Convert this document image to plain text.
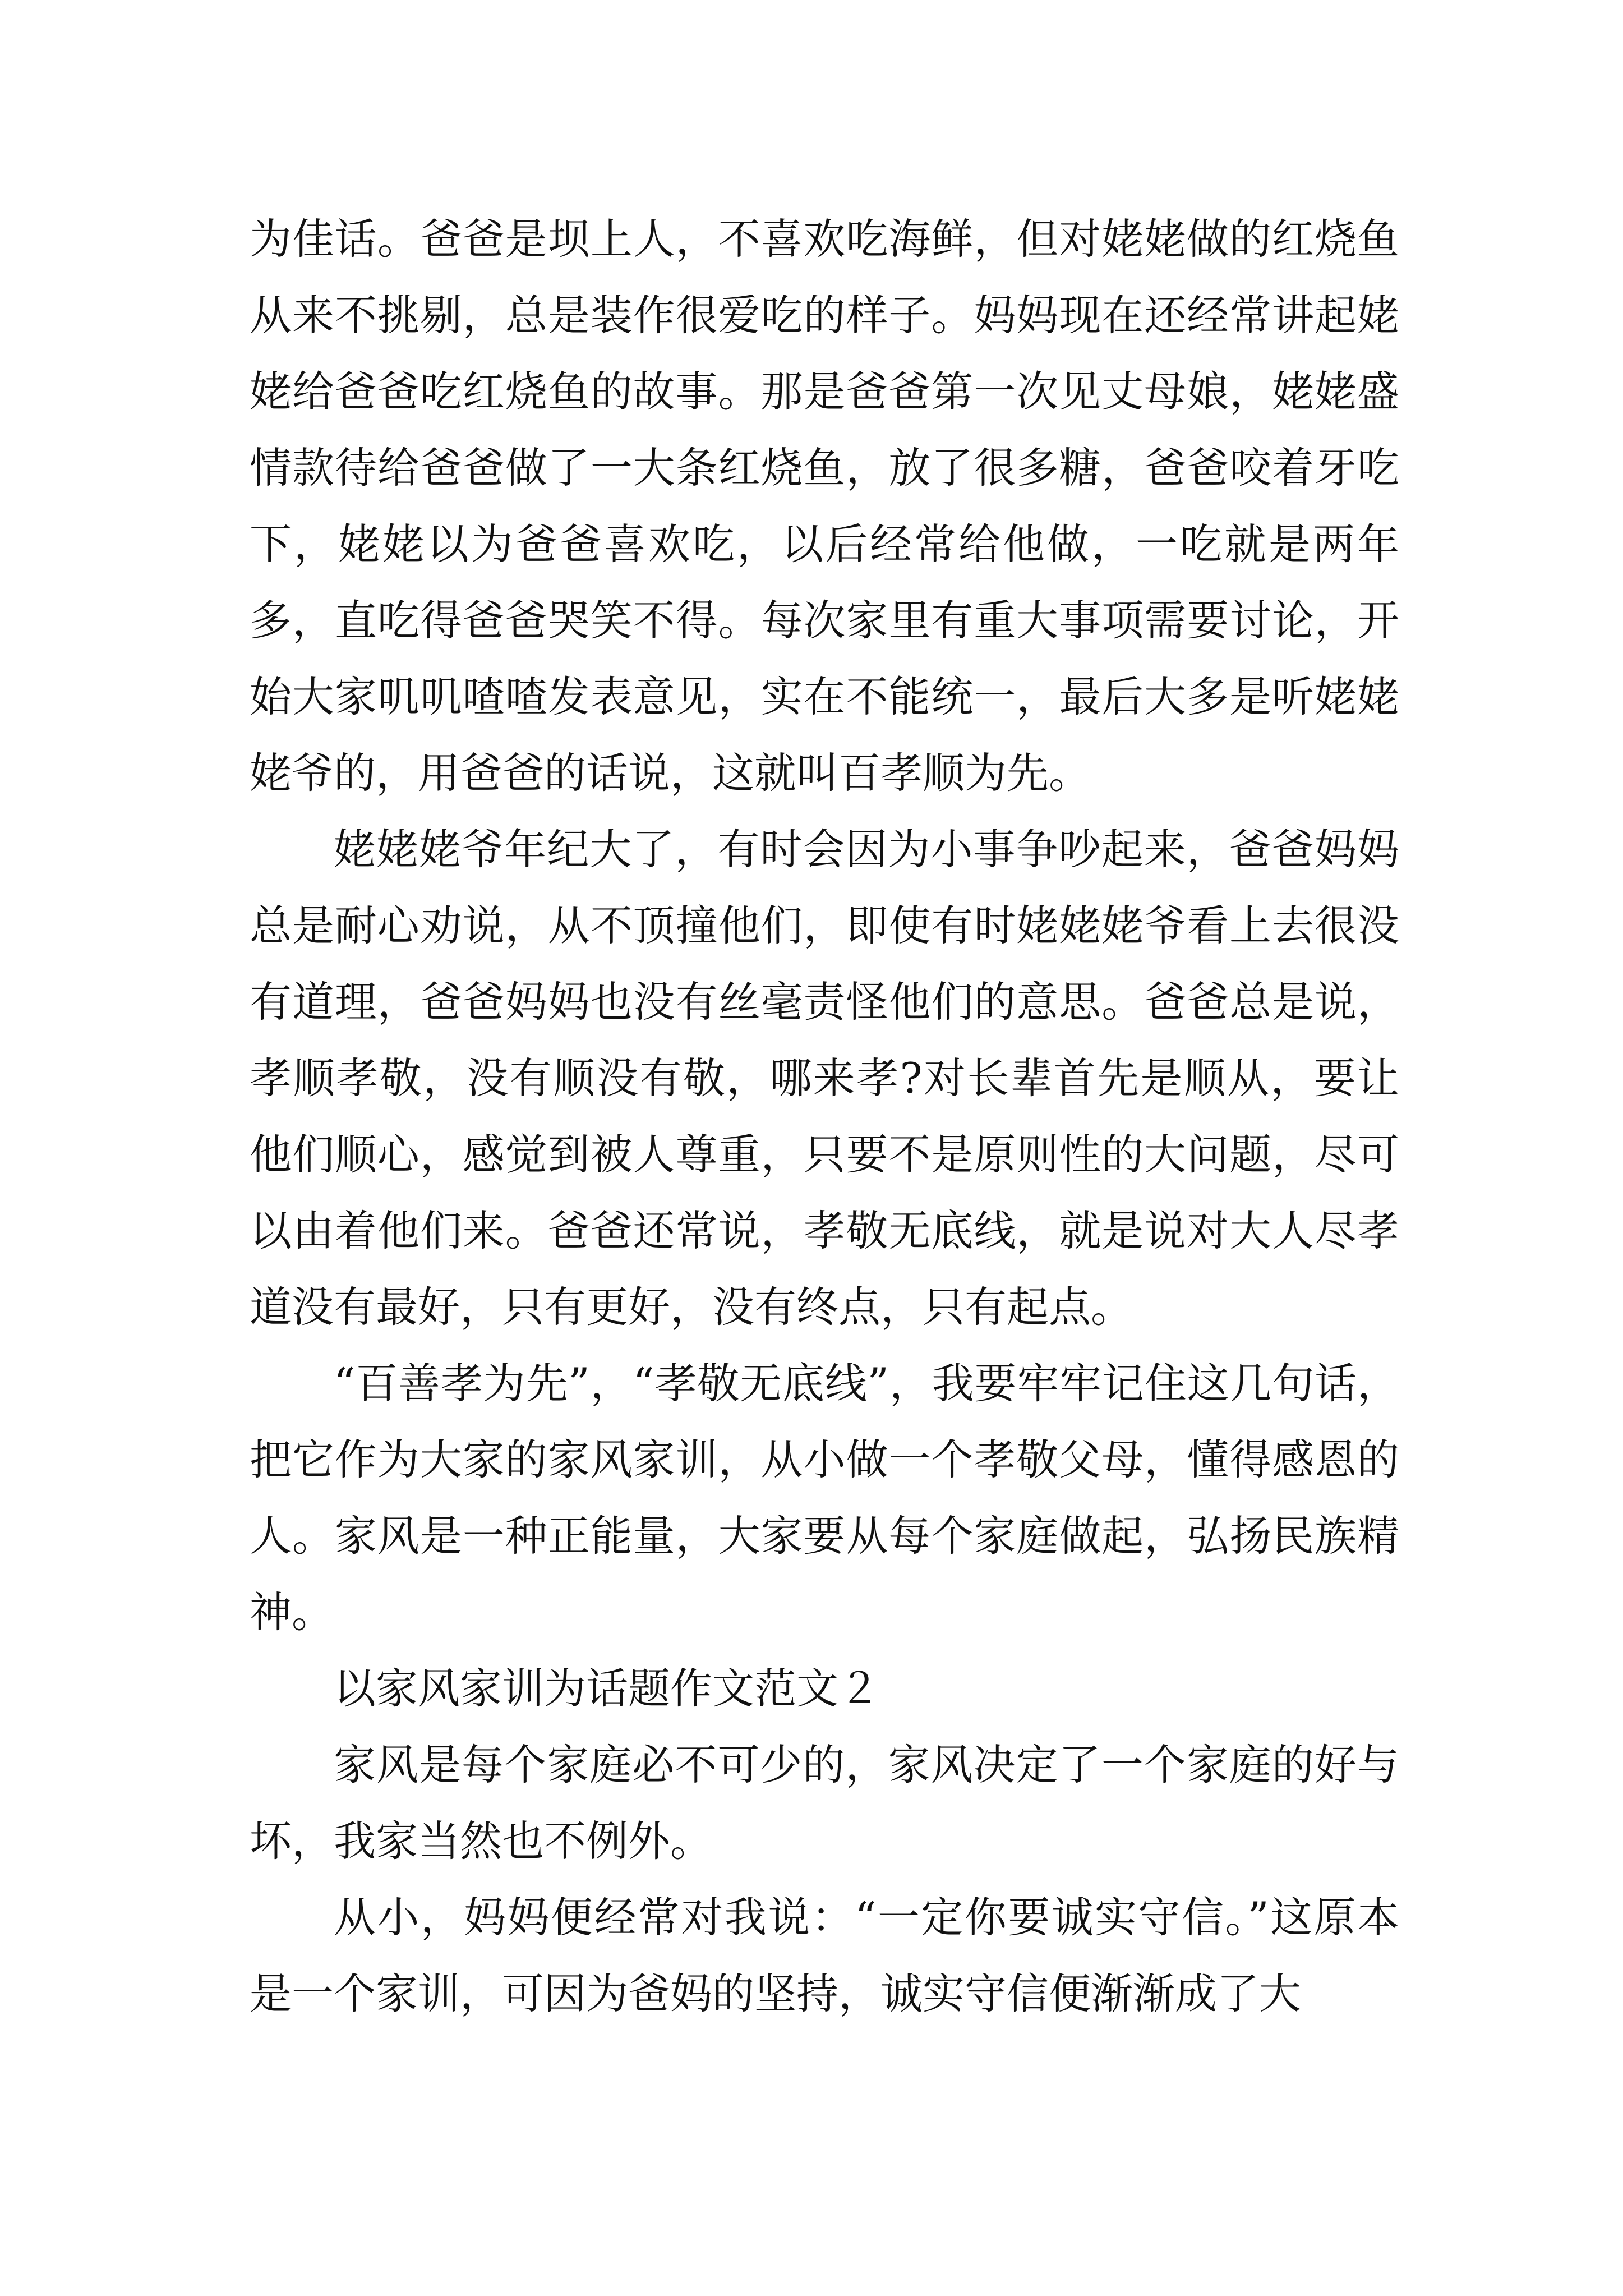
为佳话。爸爸是坝上人，不喜欢吃海鲜，但对姥姥做的红烧鱼从来不挑剔，总是装作很爱吃的样子。妈妈现在还经常讲起姥姥给爸爸吃红烧鱼的故事。那是爸爸第一次见丈母娘，姥姥盛情款待给爸爸做了一大条红烧鱼，放了很多糖，爸爸咬着牙吃下，姥姥以为爸爸喜欢吃，以后经常给他做，一吃就是两年多，直吃得爸爸哭笑不得。每次家里有重大事项需要讨论，开始大家叽叽喳喳发表意见，实在不能统一，最后大多是听姥姥姥爷的，用爸爸的话说，这就叫百孝顺为先。

姥姥姥爷年纪大了，有时会因为小事争吵起来，爸爸妈妈总是耐心劝说，从不顶撞他们，即使有时姥姥姥爷看上去很没有道理，爸爸妈妈也没有丝毫责怪他们的意思。爸爸总是说，孝顺孝敬，没有顺没有敬，哪来孝?对长辈首先是顺从，要让他们顺心，感觉到被人尊重，只要不是原则性的大问题，尽可以由着他们来。爸爸还常说，孝敬无底线，就是说对大人尽孝道没有最好，只有更好，没有终点，只有起点。

“百善孝为先”，“孝敬无底线”，我要牢牢记住这几句话，把它作为大家的家风家训，从小做一个孝敬父母，懂得感恩的人。家风是一种正能量，大家要从每个家庭做起，弘扬民族精神。

以家风家训为话题作文范文２

家风是每个家庭必不可少的，家风决定了一个家庭的好与坏，我家当然也不例外。

从小，妈妈便经常对我说：“一定你要诚实守信。”这原本是一个家训，可因为爸妈的坚持，诚实守信便渐渐成了大
